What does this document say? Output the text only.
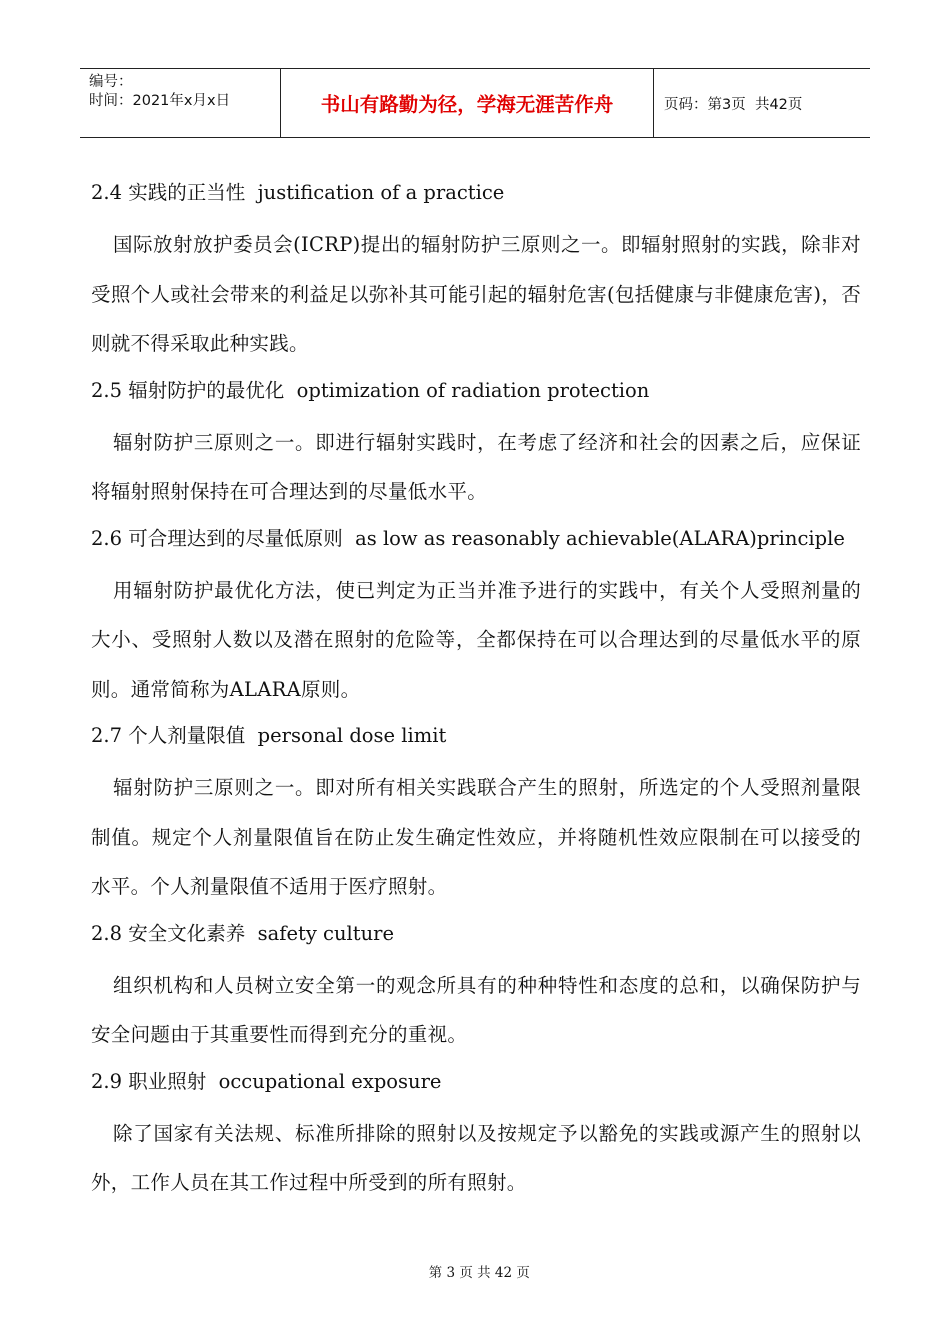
编号：
时间：2021年x月x日	书山有路勤为径，学海无涯苦作舟	页码：第3页  共42页
2.4 实践的正当性  justification of a practice
国际放射放护委员会(ICRP)提出的辐射防护三原则之一。即辐射照射的实践，除非对受照个人或社会带来的利益足以弥补其可能引起的辐射危害(包括健康与非健康危害)，否则就不得采取此种实践。
2.5 辐射防护的最优化  optimization of radiation protection
辐射防护三原则之一。即进行辐射实践时，在考虑了经济和社会的因素之后，应保证将辐射照射保持在可合理达到的尽量低水平。
2.6 可合理达到的尽量低原则  as low as reasonably achievable(ALARA)principle
用辐射防护最优化方法，使已判定为正当并准予进行的实践中，有关个人受照剂量的大小、受照射人数以及潜在照射的危险等，全都保持在可以合理达到的尽量低水平的原则。通常简称为ALARA原则。
2.7 个人剂量限值  personal dose limit
辐射防护三原则之一。即对所有相关实践联合产生的照射，所选定的个人受照剂量限制值。规定个人剂量限值旨在防止发生确定性效应，并将随机性效应限制在可以接受的水平。个人剂量限值不适用于医疗照射。
2.8 安全文化素养  safety culture
组织机构和人员树立安全第一的观念所具有的种种特性和态度的总和，以确保防护与安全问题由于其重要性而得到充分的重视。
2.9 职业照射  occupational exposure
除了国家有关法规、标准所排除的照射以及按规定予以豁免的实践或源产生的照射以外，工作人员在其工作过程中所受到的所有照射。

第 3 页 共 42 页
